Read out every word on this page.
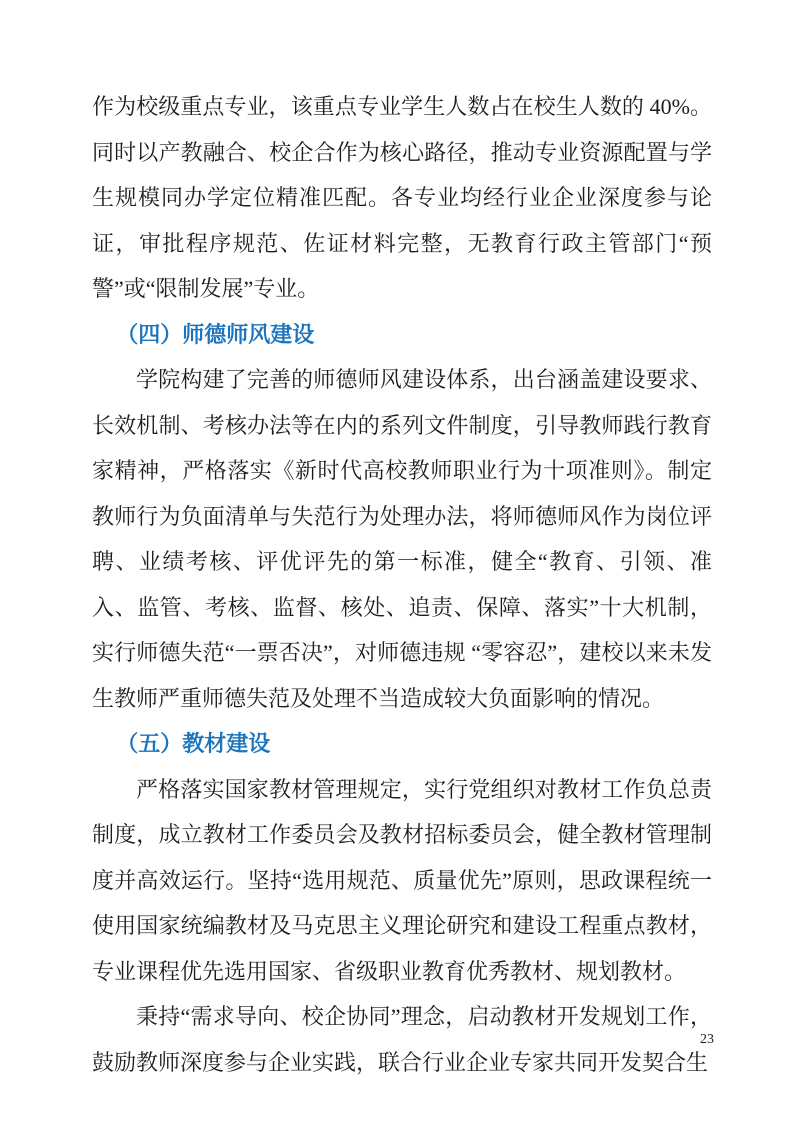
作为校级重点专业，该重点专业学生人数占在校生人数的 40%。同时以产教融合、校企合作为核心路径，推动专业资源配置与学生规模同办学定位精准匹配。各专业均经行业企业深度参与论证，审批程序规范、佐证材料完整，无教育行政主管部门“预警”或“限制发展”专业。

（四）师德师风建设

学院构建了完善的师德师风建设体系，出台涵盖建设要求、长效机制、考核办法等在内的系列文件制度，引导教师践行教育家精神，严格落实《新时代高校教师职业行为十项准则》。制定教师行为负面清单与失范行为处理办法，将师德师风作为岗位评聘、业绩考核、评优评先的第一标准，健全“教育、引领、准入、监管、考核、监督、核处、追责、保障、落实”十大机制，实行师德失范“一票否决”，对师德违规 “零容忍”，建校以来未发生教师严重师德失范及处理不当造成较大负面影响的情况。

（五）教材建设

严格落实国家教材管理规定，实行党组织对教材工作负总责制度，成立教材工作委员会及教材招标委员会，健全教材管理制度并高效运行。坚持“选用规范、质量优先”原则，思政课程统一使用国家统编教材及马克思主义理论研究和建设工程重点教材，专业课程优先选用国家、省级职业教育优秀教材、规划教材。

秉持“需求导向、校企协同”理念，启动教材开发规划工作，鼓励教师深度参与企业实践，联合行业企业专家共同开发契合生

23
